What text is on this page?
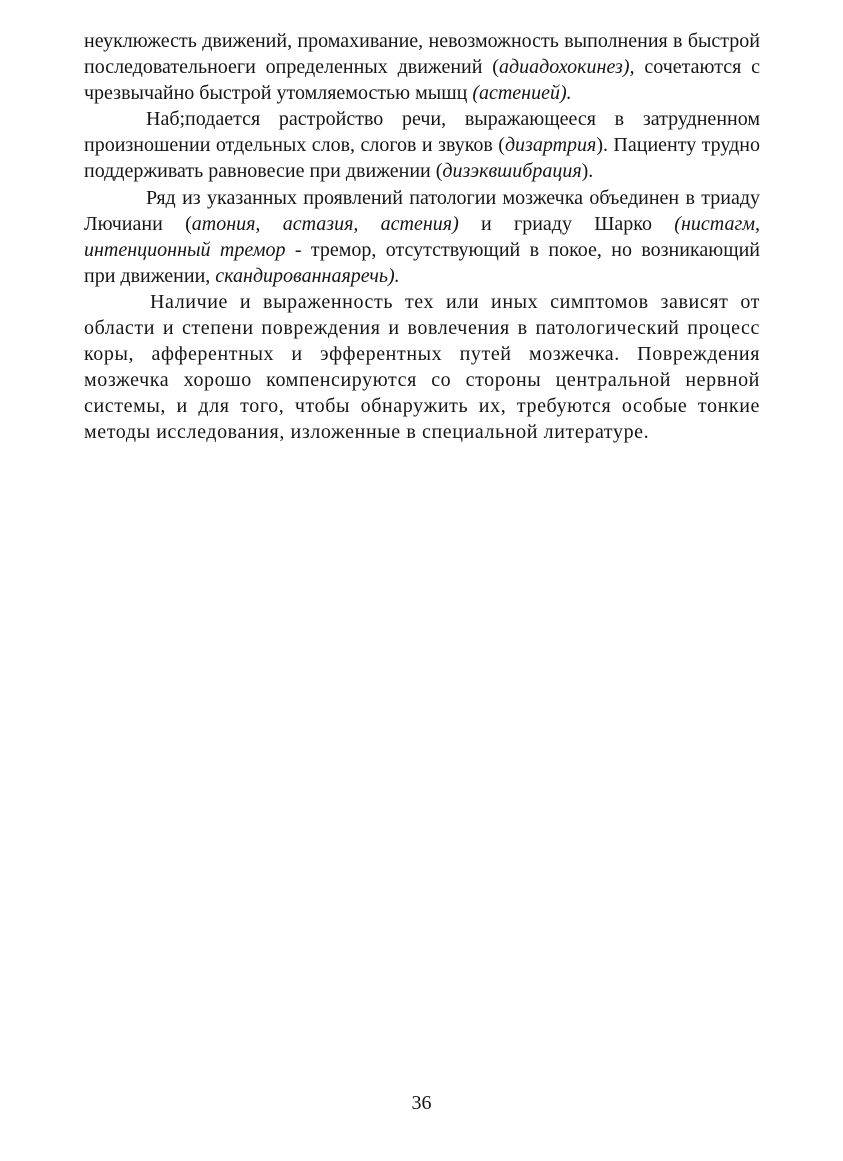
неуклюжесть движений, промахивание, невозможность выполнения в быстрой последовательноеги определенных движений (адиадохокинез), сочетаются с чрезвычайно быстрой утомляемостью мышц (астенией).

Наб;подается растройство речи, выражающееся в затрудненном произношении отдельных слов, слогов и звуков (дизартрия). Пациенту трудно поддерживать равновесие при движении (дизэквшибрация).

Ряд из указанных проявлений патологии мозжечка объединен в триаду Лючиани (атония, астазия, астения) и гриаду Шарко (нистагм, интенционный тремор - тремор, отсутствующий в покое, но возникающий при движении, скандированнаяречь).

Наличие и выраженность тех или иных симптомов зависят от области и степени повреждения и вовлечения в патологический процесс коры, афферентных и эфферентных путей мозжечка. Повреждения мозжечка хорошо компенсируются со стороны центральной нервной системы, и для того, чтобы обнаружить их, требуются особые тонкие методы исследования, изложенные в специальной литературе.

36
